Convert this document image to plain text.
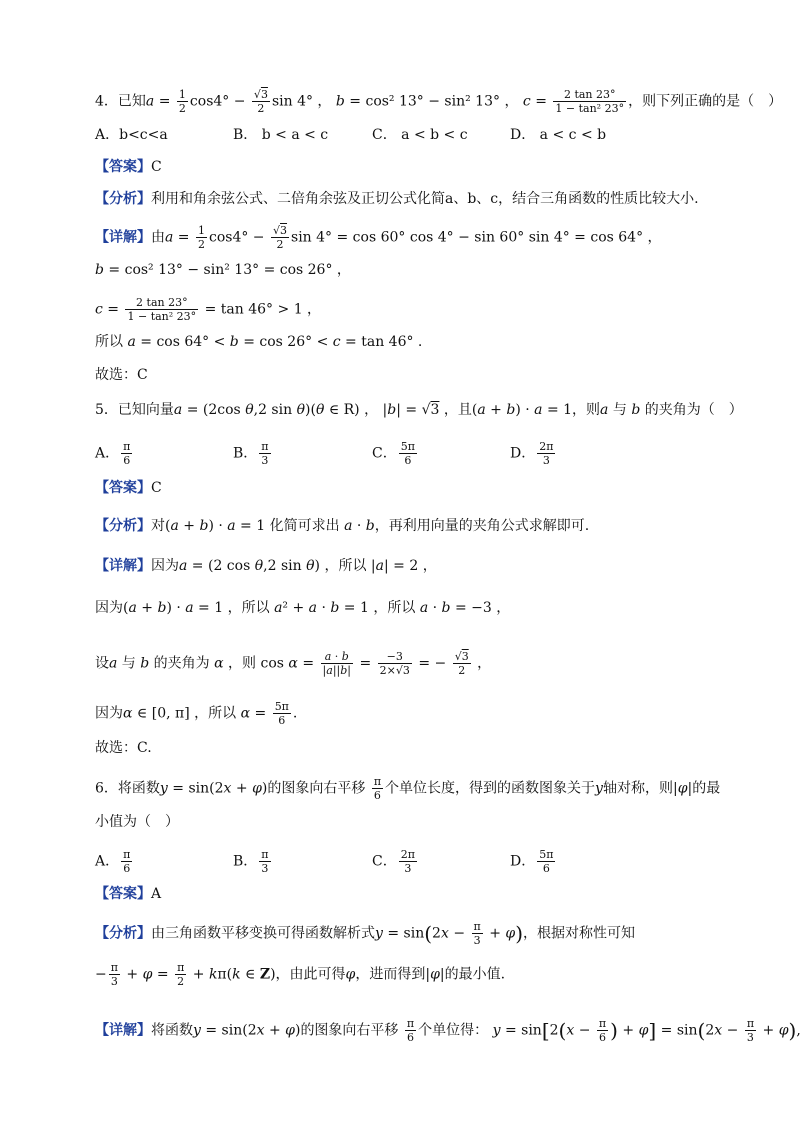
4．已知$a = \frac{1}{2} \cos 4^\circ - \frac{√3}{2}$ sin 4° ， b = cos² 13° − sin² 13° ， $c = \frac{2 \tan 23^\circ}{\text{1 − tan² 23°}}$ ，则下列正确的是（　）
A．b<c<a	B． b < a < c	C． a < b < c	D． a < c < b
【答案】C
【分析】利用和角余弦公式、二倍角余弦及正切公式化简a、b、c，结合三角函数的性质比较大小.
【详解】由$a = \frac{1}{2} \cos 4^\circ - \frac{√3}{2}$ sin 4° = cos 60° cos 4° − sin 60° sin 4° = cos 64° ，
b = cos² 13° − sin² 13° = cos 26° ，
$c = \frac{2 \tan 23^\circ}{\text{1 − tan² 23°}} = \tan 46^\circ > 1$ ，
所以 a = cos 64° < b = cos 26° < c = tan 46° .
故选：C
5．已知向量a = (2cos θ,2 sin θ)(θ ∈ R) ， |b| = √3 ，且(a + b) · a = 1，则a 与 b 的夹角为（　）
A． $\frac{\pi}{6}$	B． $\frac{\pi}{3}$	C． $\frac{5\pi}{6}$	D． $\frac{2\pi}{3}$
【答案】C
【分析】对(a + b) · a = 1 化简可求出 a · b，再利用向量的夹角公式求解即可.
【详解】因为a = (2 cos θ,2 sin θ) ，所以 |a| = 2 ，
因为(a + b) · a = 1 ，所以 a² + a · b = 1 ，所以 a · b = −3 ，
设a 与 b 的夹角为 α ，则 $\cos \alpha = \frac{a \cdot b}{|a||b|} = \frac{-3}{2\times√3}$ = − $\frac{√3}{2}$ ，
因为α ∈ [0, π] ，所以 $\alpha = \frac{5\pi}{6}$ .
故选：C.
6．将函数y = sin(2x + φ)的图象向右平移 $\frac{\pi}{6}$ 个单位长度，得到的函数图象关于y轴对称，则|φ|的最
小值为（　）
A． $\frac{\pi}{6}$	B． $\frac{\pi}{3}$	C． $\frac{2\pi}{3}$	D． $\frac{5\pi}{6}$
【答案】A
【分析】由三角函数平移变换可得函数解析式$y = \sin(2x - \frac{\pi}{3} + \varphi)$，根据对称性可知
− $\frac{\pi}{3} + \varphi = \frac{\pi}{2} + k\pi(k$ ∈ Z)，由此可得φ，进而得到|φ|的最小值.
【详解】将函数y = sin(2x + φ)的图象向右平移 $\frac{\pi}{6}$ 个单位得： $y = \sin[2(x - \frac{\pi}{6}$ ) + $\varphi] = \sin(2x - \frac{\pi}{3} + \varphi)$,
